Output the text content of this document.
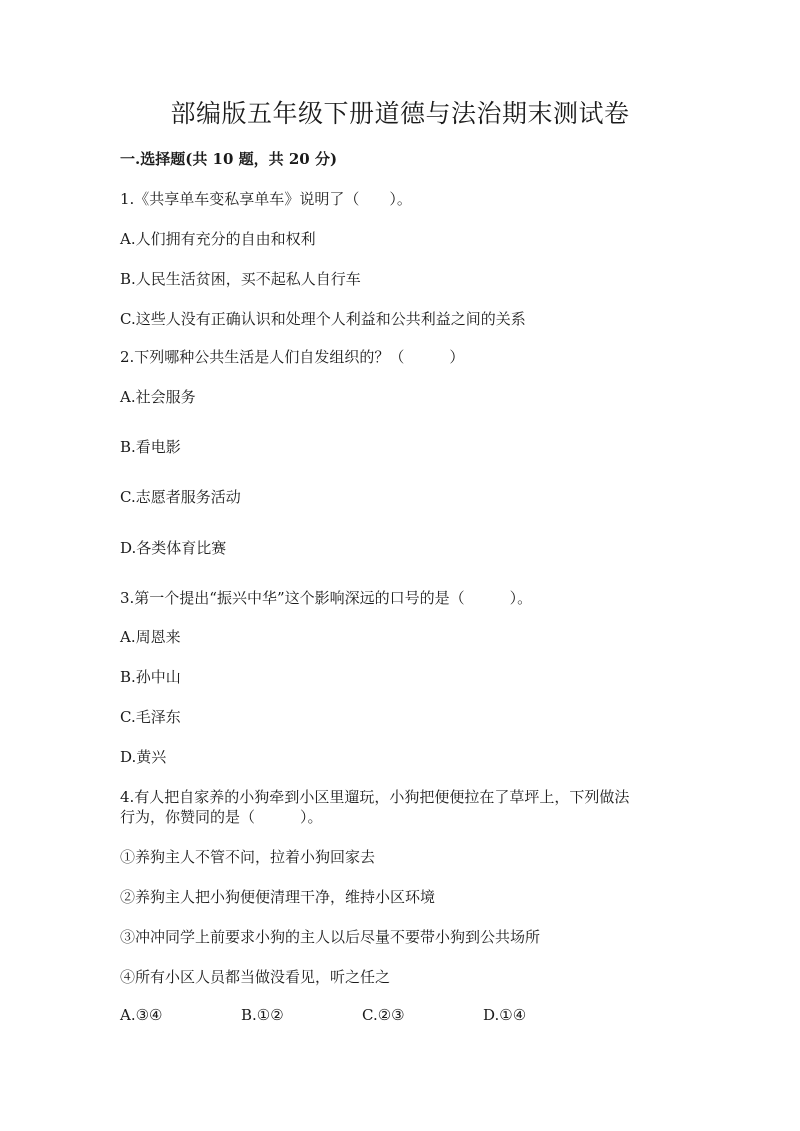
部编版五年级下册道德与法治期末测试卷
一.选择题(共 10 题，共 20 分)
1.《共享单车变私享单车》说明了（　　）。
A.人们拥有充分的自由和权利
B.人民生活贫困，买不起私人自行车
C.这些人没有正确认识和处理个人利益和公共利益之间的关系
2.下列哪种公共生活是人们自发组织的？（　　　）
A.社会服务
B.看电影
C.志愿者服务活动
D.各类体育比赛
3.第一个提出“振兴中华”这个影响深远的口号的是（　　　）。
A.周恩来
B.孙中山
C.毛泽东
D.黄兴
4.有人把自家养的小狗牵到小区里遛玩，小狗把便便拉在了草坪上，下列做法
行为，你赞同的是（　　　）。
①养狗主人不管不问，拉着小狗回家去
②养狗主人把小狗便便清理干净，维持小区环境
③冲冲同学上前要求小狗的主人以后尽量不要带小狗到公共场所
④所有小区人员都当做没看见，听之任之
A.③④	B.①②	C.②③	D.①④
